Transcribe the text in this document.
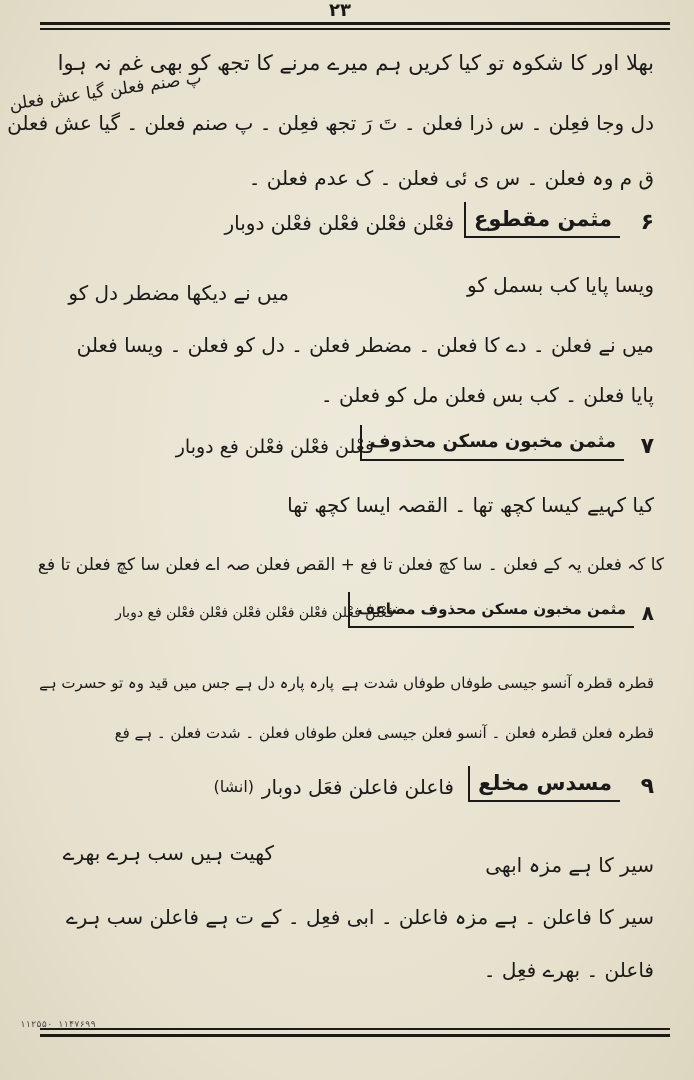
۲۳
بھلا اور کا شکوہ تو کیا کریں ہم میرے مرنے کا تجھ کو بھی غم نہ ہوا
پ صنم فعلن گیا عش فعلن
دل وجا فعِلن ۔ س ذرا فعلن ۔ تَ رَ تجھ فعِلن ۔ پ صنم فعلن ۔ گیا عش فعلن
ق م وہ فعلن ۔ س ی ئی فعلن ۔ ک عدم فعلن ۔
۶
مثمن مقطوع
فعْلن فعْلن فعْلن فعْلن دوبار
میں نے دیکھا مضطر دل کو	ویسا پایا کب بسمل کو
میں نے فعلن ۔ دے کا فعلن ۔ مضطر فعلن ۔ دل کو فعلن ۔ ویسا فعلن
پایا فعلن ۔ کب بس فعلن مل کو فعلن ۔
۷
مثمن مخبون مسکن محذوف
فعْلن فعْلن فعْلن فع دوبار
کیا کہیے کیسا کچھ تھا ۔ القصہ ایسا کچھ تھا
کا کہ فعلن یہ کے فعلن ۔ سا کچ فعلن تا فع + القص فعلن صہ اے فعلن سا کچ فعلن تا فع
۸
مثمن مخبون مسکن محذوف مضاعف
فعْلن فعْلن فعْلن فعْلن فعْلن فعْلن فعْلن فع دوبار
قطرہ قطرہ آنسو جیسی طوفاں طوفاں شدت ہے
پارہ پارہ دل ہے جس میں قید وہ تو حسرت ہے
قطرہ فعلن قطرہ فعلن ۔ آنسو فعلن جیسی فعلن طوفاں فعلن ۔ شدت فعلن ۔ ہے فع
۹
مسدس مخلع
فاعلن فاعلن فعَل دوبار
(انشا)
سیر کا ہے مزہ ابھی
کھیت ہیں سب ہرے بھرے
سیر کا فاعلن ۔ ہے مزہ فاعلن ۔ ابی فعِل ۔ کے ت ہے فاعلن سب ہرے
فاعلن ۔ بھرے فعِل ۔
۱۱۲۵۵۰ ۱۱۴۷۶۹۹
